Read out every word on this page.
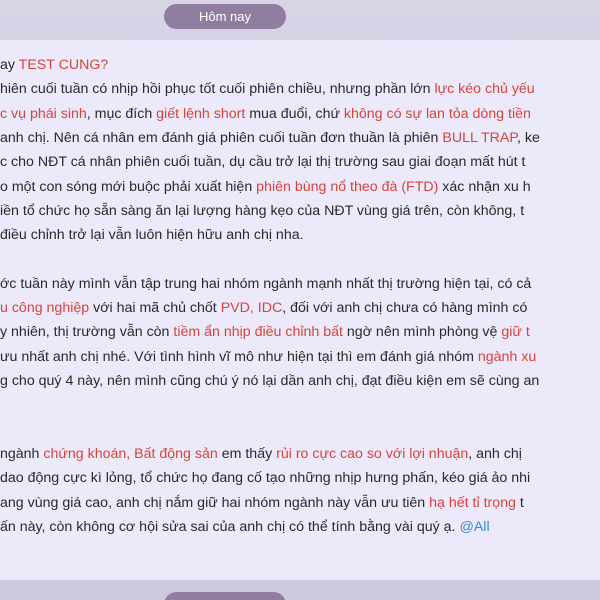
Hôm nay
ay TEST CUNG?
hiên cuối tuần có nhịp hồi phục tốt cuối phiên chiều, nhưng phần lớn lực kéo chủ yếu
c vụ phái sinh, mục đích giết lệnh short mua đuổi, chứ không có sự lan tỏa dòng tiền
anh chị. Nên cá nhân em đánh giá phiên cuối tuần đơn thuần là phiên BULL TRAP, ke
c cho NĐT cá nhân phiên cuối tuần, dụ cầu trở lại thị trường sau giai đoạn mất hút t
o một con sóng mới buộc phải xuất hiện phiên bùng nổ theo đà (FTD) xác nhận xu h
iền tổ chức họ sẵn sàng ăn lại lượng hàng kẹo của NĐT vùng giá trên, còn không, t
điều chỉnh trở lại vẫn luôn hiện hữu anh chị nha.
ớc tuần này mình vẫn tập trung hai nhóm ngành mạnh nhất thị trường hiện tại, có cả
u công nghiệp với hai mã chủ chốt PVD, IDC, đối với anh chị chưa có hàng mình có
y nhiên, thị trường vẫn còn tiềm ẩn nhịp điều chỉnh bất ngờ nên mình phòng vệ giữ t
ưu nhất anh chị nhé. Với tình hình vĩ mô như hiện tại thì em đánh giá nhóm ngành xu
g cho quý 4 này, nên mình cũng chú ý nó lại dần anh chị, đạt điều kiện em sẽ cùng an
ngành chứng khoán, Bất động sản em thấy rủi ro cực cao so với lợi nhuận, anh chị
dao động cực kì lỏng, tổ chức họ đang cố tạo những nhịp hưng phấn, kéo giá ảo nhi
ang vùng giá cao, anh chị nắm giữ hai nhóm ngành này vẫn ưu tiên hạ hết tỉ trọng t
ấn này, còn không cơ hội sửa sai của anh chị có thể tính bằng vài quý ạ. @All
